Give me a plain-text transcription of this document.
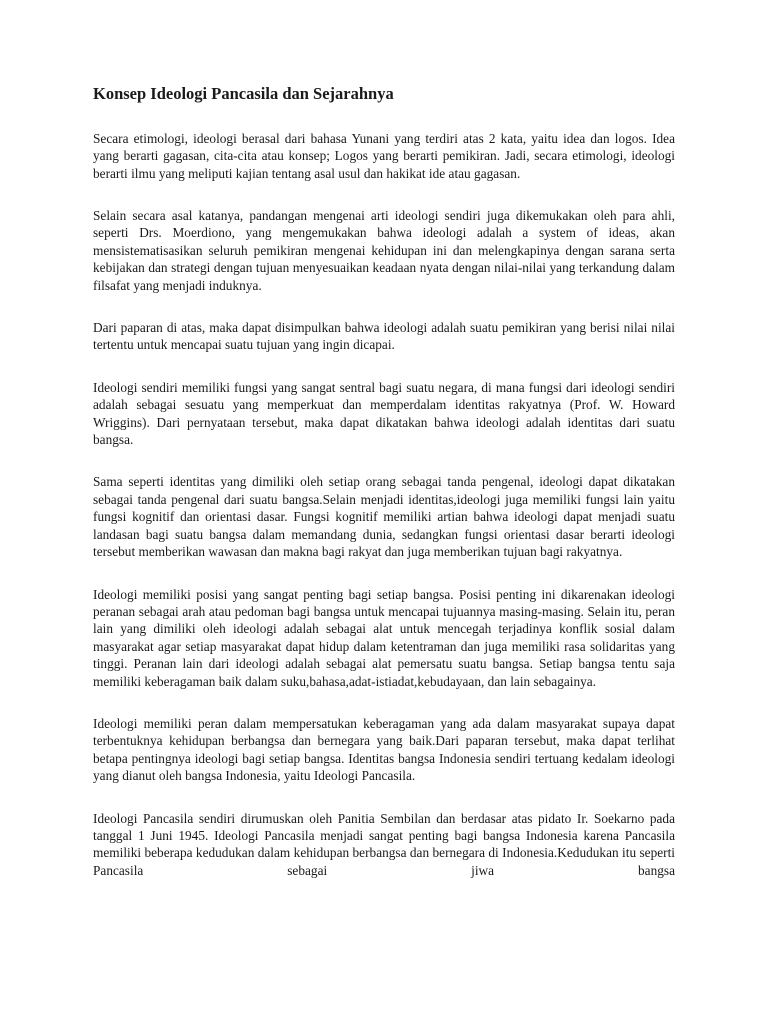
Konsep Ideologi Pancasila dan Sejarahnya

Secara etimologi, ideologi berasal dari bahasa Yunani yang terdiri atas 2 kata, yaitu idea dan logos. Idea yang berarti gagasan, cita-cita atau konsep; Logos yang berarti pemikiran. Jadi, secara etimologi, ideologi berarti ilmu yang meliputi kajian tentang asal usul dan hakikat ide atau gagasan.

Selain secara asal katanya, pandangan mengenai arti ideologi sendiri juga dikemukakan oleh para ahli, seperti Drs. Moerdiono, yang mengemukakan bahwa ideologi adalah a system of ideas, akan mensistematisasikan seluruh pemikiran mengenai kehidupan ini dan melengkapinya dengan sarana serta kebijakan dan strategi dengan tujuan menyesuaikan keadaan nyata dengan nilai-nilai yang terkandung dalam filsafat yang menjadi induknya.

Dari paparan di atas, maka dapat disimpulkan bahwa ideologi adalah suatu pemikiran yang berisi nilai nilai tertentu untuk mencapai suatu tujuan yang ingin dicapai.

Ideologi sendiri memiliki fungsi yang sangat sentral bagi suatu negara, di mana fungsi dari ideologi sendiri adalah sebagai sesuatu yang memperkuat dan memperdalam identitas rakyatnya (Prof. W. Howard Wriggins). Dari pernyataan tersebut, maka dapat dikatakan bahwa ideologi adalah identitas dari suatu bangsa.

Sama seperti identitas yang dimiliki oleh setiap orang sebagai tanda pengenal, ideologi dapat dikatakan sebagai tanda pengenal dari suatu bangsa.Selain menjadi identitas,ideologi juga memiliki fungsi lain yaitu fungsi kognitif dan orientasi dasar. Fungsi kognitif memiliki artian bahwa ideologi dapat menjadi suatu landasan bagi suatu bangsa dalam memandang dunia, sedangkan fungsi orientasi dasar berarti ideologi tersebut memberikan wawasan dan makna bagi rakyat dan juga memberikan tujuan bagi rakyatnya.

Ideologi memiliki posisi yang sangat penting bagi setiap bangsa. Posisi penting ini dikarenakan ideologi peranan sebagai arah atau pedoman bagi bangsa untuk mencapai tujuannya masing-masing. Selain itu, peran lain yang dimiliki oleh ideologi adalah sebagai alat untuk mencegah terjadinya konflik sosial dalam masyarakat agar setiap masyarakat dapat hidup dalam ketentraman dan juga memiliki rasa solidaritas yang tinggi. Peranan lain dari ideologi adalah sebagai alat pemersatu suatu bangsa. Setiap bangsa tentu saja memiliki keberagaman baik dalam suku,bahasa,adat-istiadat,kebudayaan, dan lain sebagainya.

Ideologi memiliki peran dalam mempersatukan keberagaman yang ada dalam masyarakat supaya dapat terbentuknya kehidupan berbangsa dan bernegara yang baik.Dari paparan tersebut, maka dapat terlihat betapa pentingnya ideologi bagi setiap bangsa. Identitas bangsa Indonesia sendiri tertuang kedalam ideologi yang dianut oleh bangsa Indonesia, yaitu Ideologi Pancasila.

Ideologi Pancasila sendiri dirumuskan oleh Panitia Sembilan dan berdasar atas pidato Ir. Soekarno pada tanggal 1 Juni 1945. Ideologi Pancasila menjadi sangat penting bagi bangsa Indonesia karena Pancasila memiliki beberapa kedudukan dalam kehidupan berbangsa dan bernegara di Indonesia.Kedudukan itu seperti Pancasila sebagai jiwa bangsa
